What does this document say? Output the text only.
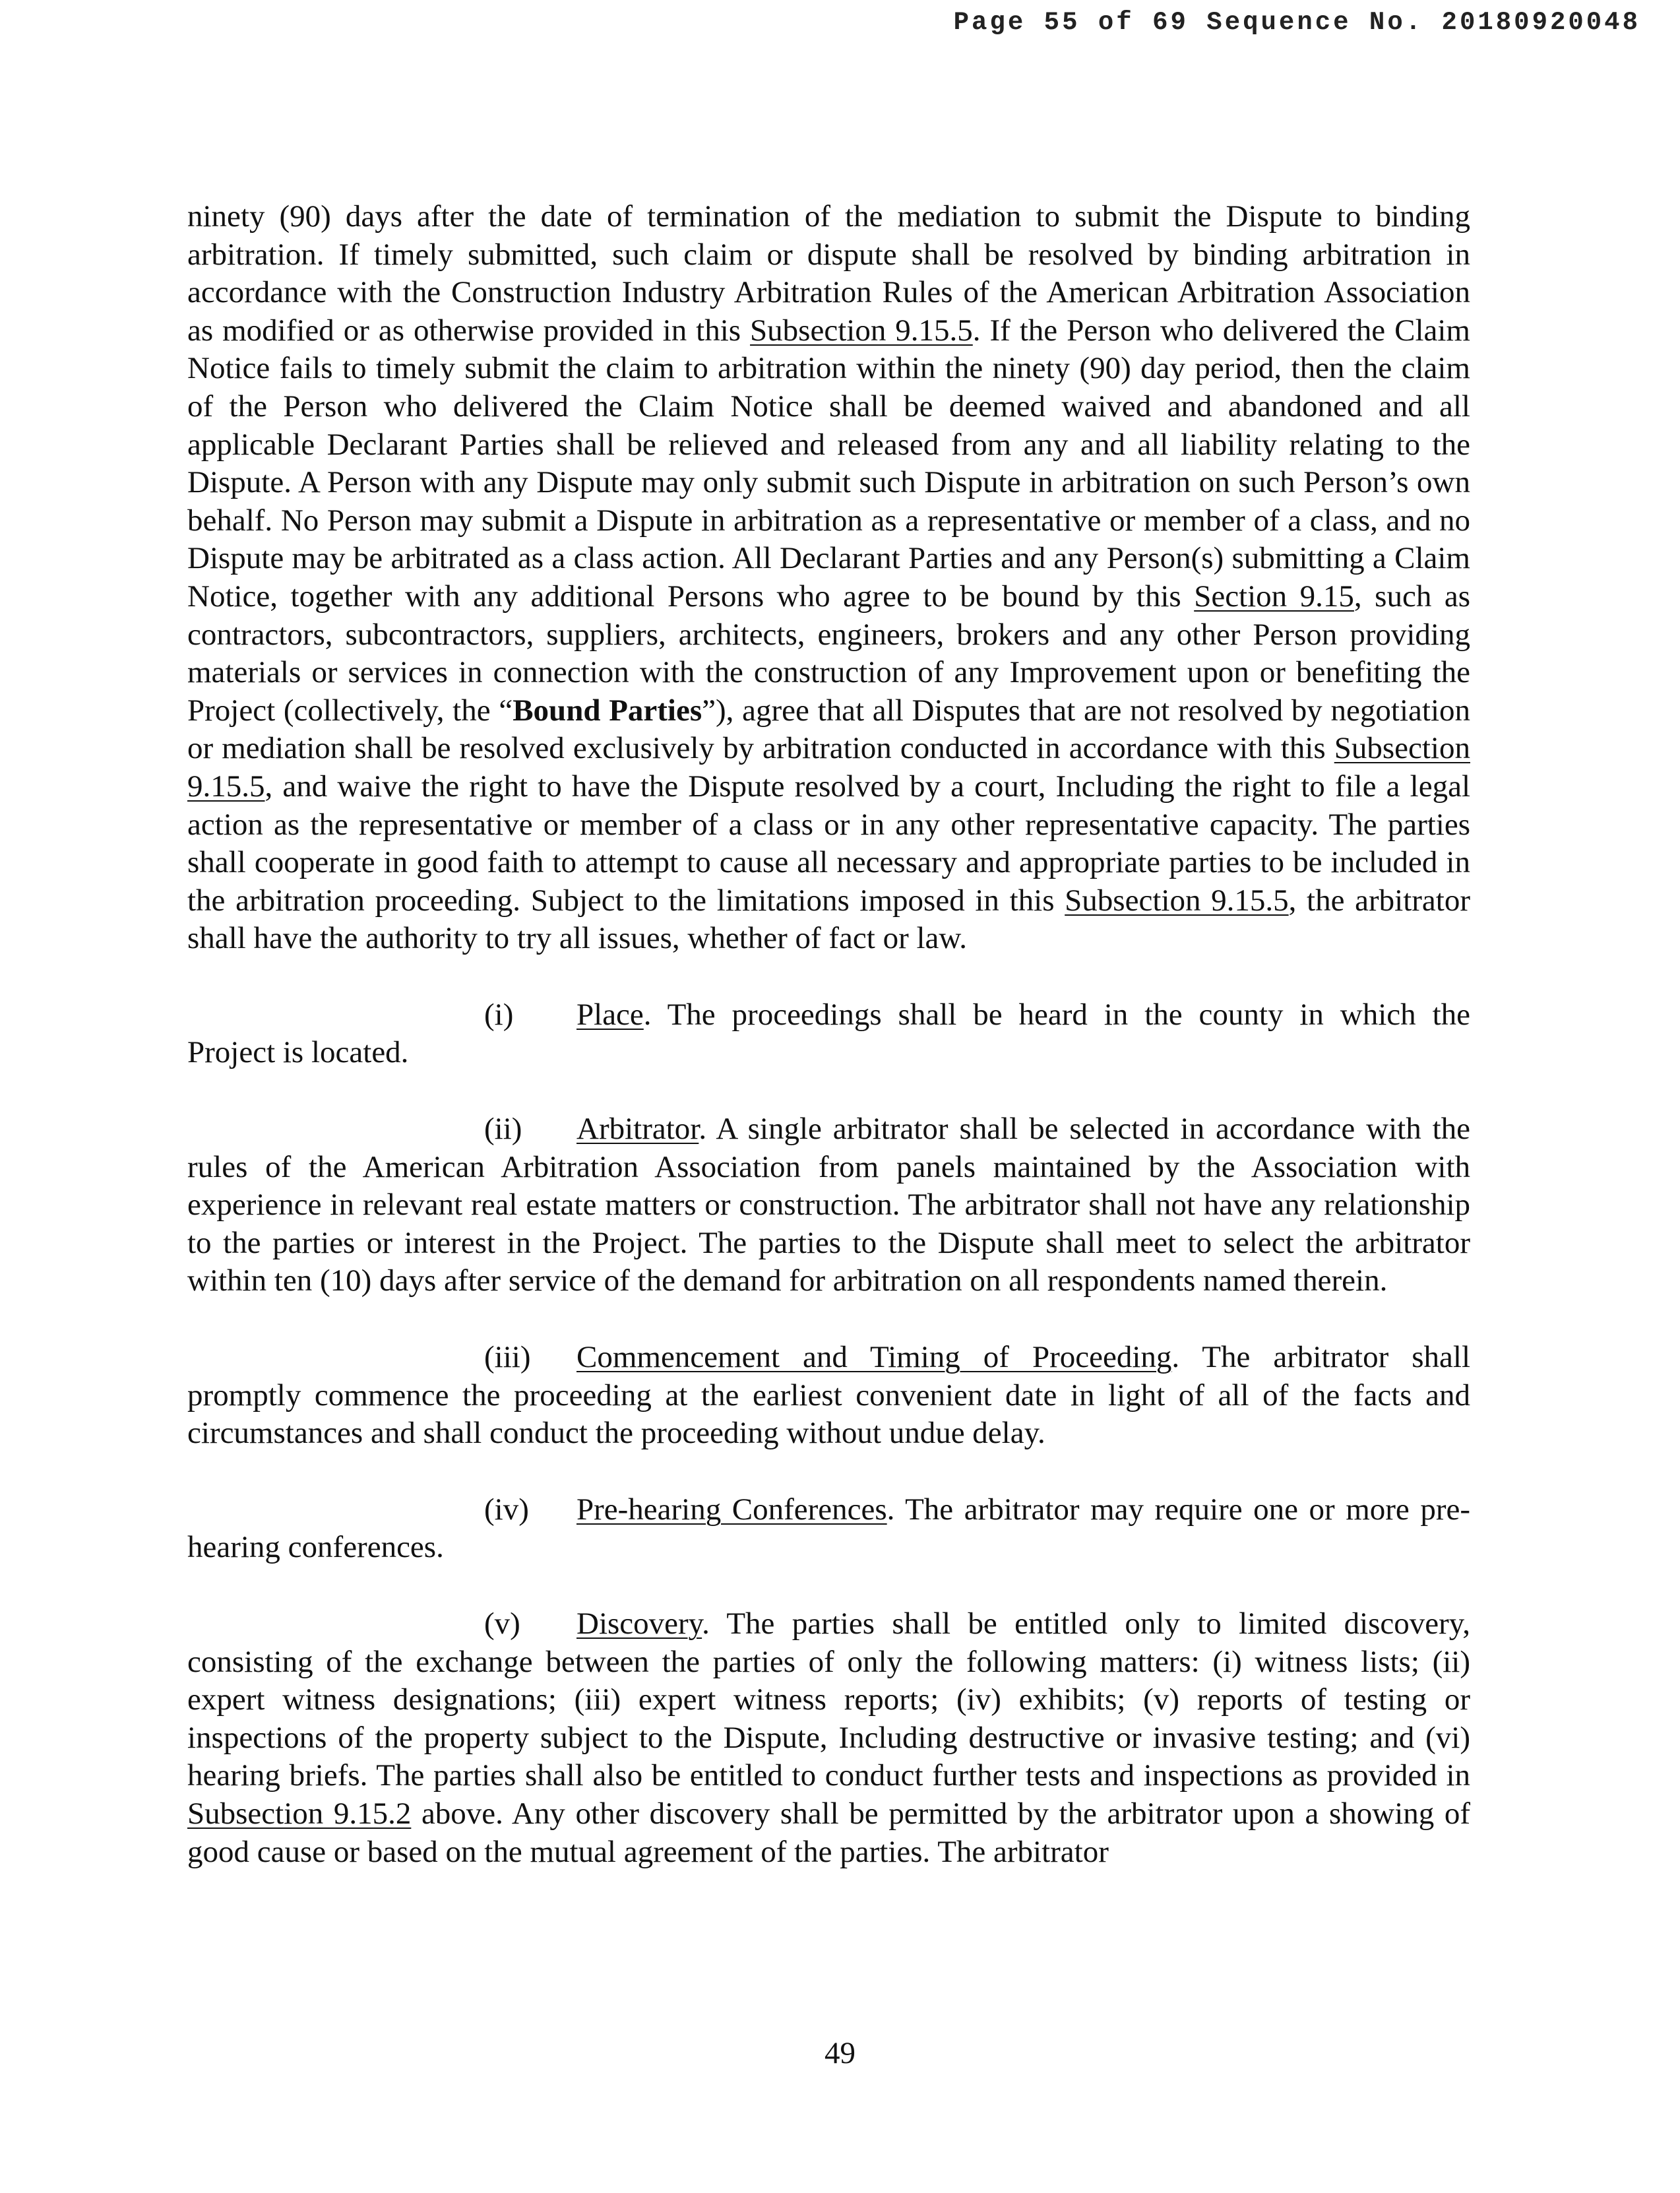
Page 55 of 69 Sequence No. 20180920048

ninety (90) days after the date of termination of the mediation to submit the Dispute to binding arbitration. If timely submitted, such claim or dispute shall be resolved by binding arbitration in accordance with the Construction Industry Arbitration Rules of the American Arbitration Association as modified or as otherwise provided in this Subsection 9.15.5. If the Person who delivered the Claim Notice fails to timely submit the claim to arbitration within the ninety (90) day period, then the claim of the Person who delivered the Claim Notice shall be deemed waived and abandoned and all applicable Declarant Parties shall be relieved and released from any and all liability relating to the Dispute. A Person with any Dispute may only submit such Dispute in arbitration on such Person’s own behalf. No Person may submit a Dispute in arbitration as a representative or member of a class, and no Dispute may be arbitrated as a class action. All Declarant Parties and any Person(s) submitting a Claim Notice, together with any additional Persons who agree to be bound by this Section 9.15, such as contractors, subcontractors, suppliers, architects, engineers, brokers and any other Person providing materials or services in connection with the construction of any Improvement upon or benefiting the Project (collectively, the “Bound Parties”), agree that all Disputes that are not resolved by negotiation or mediation shall be resolved exclusively by arbitration conducted in accordance with this Subsection 9.15.5, and waive the right to have the Dispute resolved by a court, Including the right to file a legal action as the representative or member of a class or in any other representative capacity. The parties shall cooperate in good faith to attempt to cause all necessary and appropriate parties to be included in the arbitration proceeding. Subject to the limitations imposed in this Subsection 9.15.5, the arbitrator shall have the authority to try all issues, whether of fact or law.

(i) Place. The proceedings shall be heard in the county in which the Project is located.

(ii) Arbitrator. A single arbitrator shall be selected in accordance with the rules of the American Arbitration Association from panels maintained by the Association with experience in relevant real estate matters or construction. The arbitrator shall not have any relationship to the parties or interest in the Project. The parties to the Dispute shall meet to select the arbitrator within ten (10) days after service of the demand for arbitration on all respondents named therein.

(iii) Commencement and Timing of Proceeding. The arbitrator shall promptly commence the proceeding at the earliest convenient date in light of all of the facts and circumstances and shall conduct the proceeding without undue delay.

(iv) Pre-hearing Conferences. The arbitrator may require one or more pre-hearing conferences.

(v) Discovery. The parties shall be entitled only to limited discovery, consisting of the exchange between the parties of only the following matters: (i) witness lists; (ii) expert witness designations; (iii) expert witness reports; (iv) exhibits; (v) reports of testing or inspections of the property subject to the Dispute, Including destructive or invasive testing; and (vi) hearing briefs. The parties shall also be entitled to conduct further tests and inspections as provided in Subsection 9.15.2 above. Any other discovery shall be permitted by the arbitrator upon a showing of good cause or based on the mutual agreement of the parties. The arbitrator

49
